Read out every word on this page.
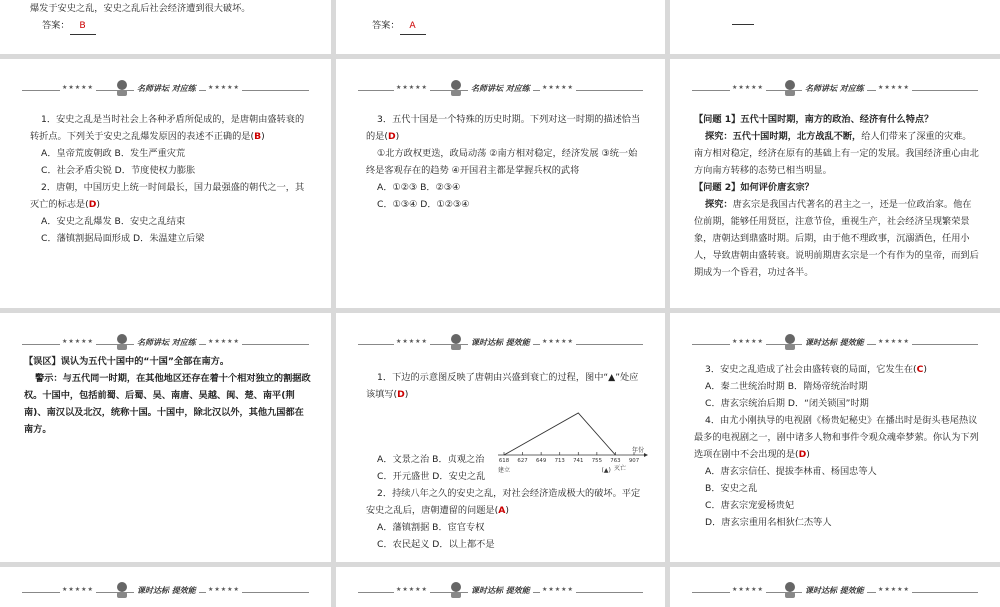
爆发于安史之乱，安史之乱后社会经济遭到很大破坏。

答案： B	答案： A

★★★★★	名师讲坛 对应练	★★★★★

1．安史之乱是当时社会上各种矛盾所促成的，是唐朝由盛转衰的转折点。下列关于安史之乱爆发原因的表述不正确的是(B)

A．皇帝荒废朝政 B．发生严重灾荒

C．社会矛盾尖锐 D．节度使权力膨胀

2．唐朝，中国历史上统一时间最长，国力最强盛的朝代之一，其灭亡的标志是(D)

A．安史之乱爆发 B．安史之乱结束

C．藩镇割据局面形成 D．朱温建立后梁

★★★★★	名师讲坛 对应练	★★★★★

3．五代十国是一个特殊的历史时期。下列对这一时期的描述恰当的是(D)

①北方政权更迭，政局动荡 ②南方相对稳定，经济发展 ③统一始终是客观存在的趋势 ④开国君主都是掌握兵权的武将

A．①②③ B．②③④

C．①③④ D．①②③④

★★★★★	名师讲坛 对应练	★★★★★

【问题 1】五代十国时期，南方的政治、经济有什么特点？

探究：五代十国时期，北方战乱不断，给人们带来了深重的灾难。南方相对稳定，经济在原有的基础上有一定的发展。我国经济重心由北方向南方转移的态势已相当明显。

【问题 2】如何评价唐玄宗？

探究：唐玄宗是我国古代著名的君主之一，还是一位政治家。他在位前期，能够任用贤臣，注意节俭，重视生产，社会经济呈现繁荣景象，唐朝达到鼎盛时期。后期，由于他不理政事，沉溺酒色，任用小人，导致唐朝由盛转衰。说明前期唐玄宗是一个有作为的皇帝，而到后期成为一个昏君，功过各半。

★★★★★	名师讲坛 对应练	★★★★★

【误区】误认为五代十国中的“十国”全部在南方。

警示：与五代同一时期，在其他地区还存在着十个相对独立的割据政权。十国中，包括前蜀、后蜀、吴、南唐、吴越、闽、楚、南平(荆南)、南汉以及北汉，统称十国。十国中，除北汉以外，其他九国都在南方。

★★★★★	课时达标 提效能	★★★★★

1．下边的示意图反映了唐朝由兴盛到衰亡的过程，图中“▲”处应该填写(D)

年份
618 627 649 713 741 755 763 907
建立	(▲) 灭亡

A．文景之治 B．贞观之治

C．开元盛世 D．安史之乱

2．持续八年之久的安史之乱，对社会经济造成极大的破坏。平定安史之乱后，唐朝遭留的问题是(A)

A．藩镇割据 B．宦官专权

C．农民起义 D．以上都不是

★★★★★	课时达标 提效能	★★★★★

3．安史之乱造成了社会由盛转衰的局面，它发生在(C)

A．秦二世统治时期 B．隋炀帝统治时期

C．唐玄宗统治后期 D．“闭关锁国”时期

4．由尤小刚执导的电视剧《杨贵妃秘史》在播出时是街头巷尾热议最多的电视剧之一，剧中诸多人物和事件令观众魂牵梦萦。你认为下列选项在剧中不会出现的是(D)

A．唐玄宗信任、提拔李林甫、杨国忠等人

B．安史之乱

C．唐玄宗宠爱杨贵妃

D．唐玄宗重用名相狄仁杰等人

★★★★★	课时达标 提效能	★★★★★	★★★★★	课时达标 提效能	★★★★★	★★★★★	课时达标 提效能	★★★★★
